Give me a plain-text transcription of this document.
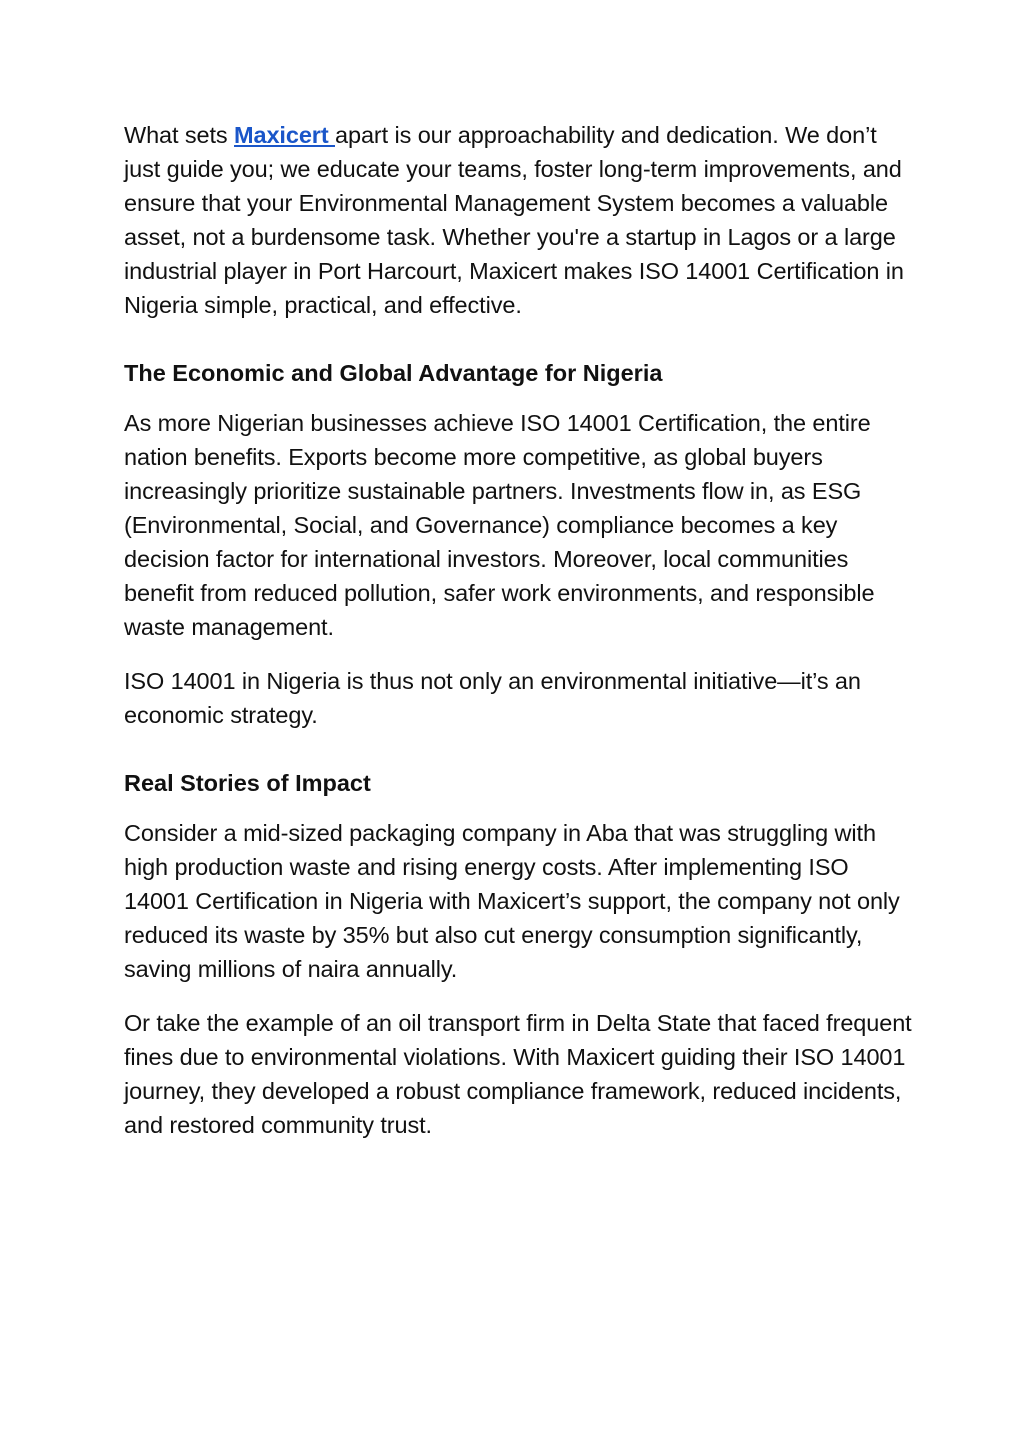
What sets Maxicert apart is our approachability and dedication. We don’t just guide you; we educate your teams, foster long-term improvements, and ensure that your Environmental Management System becomes a valuable asset, not a burdensome task. Whether you're a startup in Lagos or a large industrial player in Port Harcourt, Maxicert makes ISO 14001 Certification in Nigeria simple, practical, and effective.

The Economic and Global Advantage for Nigeria

As more Nigerian businesses achieve ISO 14001 Certification, the entire nation benefits. Exports become more competitive, as global buyers increasingly prioritize sustainable partners. Investments flow in, as ESG (Environmental, Social, and Governance) compliance becomes a key decision factor for international investors. Moreover, local communities benefit from reduced pollution, safer work environments, and responsible waste management.

ISO 14001 in Nigeria is thus not only an environmental initiative—it’s an economic strategy.

Real Stories of Impact

Consider a mid-sized packaging company in Aba that was struggling with high production waste and rising energy costs. After implementing ISO 14001 Certification in Nigeria with Maxicert’s support, the company not only reduced its waste by 35% but also cut energy consumption significantly, saving millions of naira annually.

Or take the example of an oil transport firm in Delta State that faced frequent fines due to environmental violations. With Maxicert guiding their ISO 14001 journey, they developed a robust compliance framework, reduced incidents, and restored community trust.
